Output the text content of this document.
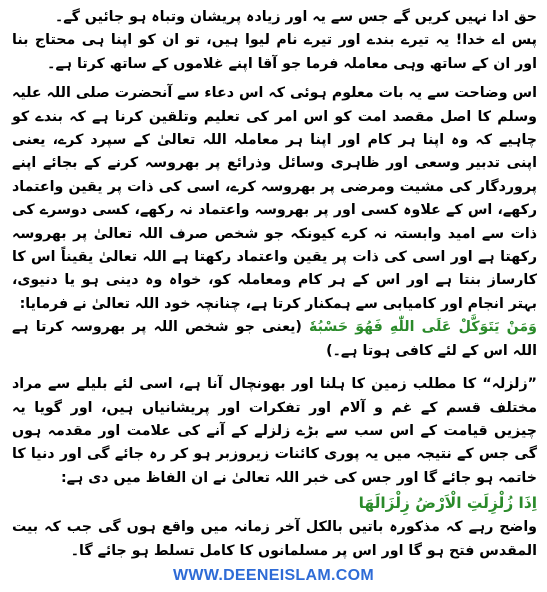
حق ادا نہیں کریں گے جس سے یہ اور زیادہ پریشان وتباہ ہو جائیں گے۔

پس اے خدا! یہ تیرے بندے اور تیرے نام لیوا ہیں، تو ان کو اپنا ہی محتاج بنا اور ان کے ساتھ وہی معاملہ فرما جو آقا اپنے غلاموں کے ساتھ کرتا ہے۔

اس وضاحت سے یہ بات معلوم ہوئی کہ اس دعاء سے آنحضرت صلی اللہ علیہ وسلم کا اصل مقصد امت کو اس امر کی تعلیم وتلقین کرنا ہے کہ بندے کو چاہیے کہ وہ اپنا ہر کام اور اپنا ہر معاملہ اللہ تعالیٰ کے سپرد کرے، یعنی اپنی تدبیر وسعی اور ظاہری وسائل وذرائع پر بھروسہ کرنے کے بجائے اپنے پروردگار کی مشیت ومرضی پر بھروسہ کرے، اسی کی ذات پر یقین واعتماد رکھے، اس کے علاوہ کسی اور پر بھروسہ واعتماد نہ رکھے، کسی دوسرے کی ذات سے امید وابستہ نہ کرے کیونکہ جو شخص صرف اللہ تعالیٰ پر بھروسہ رکھتا ہے اور اسی کی ذات پر یقین واعتماد رکھتا ہے اللہ تعالیٰ یقیناً اس کا کارساز بنتا ہے اور اس کے ہر کام ومعاملہ کو، خواہ وہ دینی ہو یا دنیوی، بہتر انجام اور کامیابی سے ہمکنار کرتا ہے، چنانچہ خود اللہ تعالیٰ نے فرمایا:

وَمَنْ يَتَوَكَّلْ عَلَى اللّٰهِ فَهُوَ حَسْبُهٗ (یعنی جو شخص اللہ پر بھروسہ کرتا ہے اللہ اس کے لئے کافی ہوتا ہے۔)

”زلزلہ“ کا مطلب زمین کا ہلنا اور بھونچال آنا ہے، اسی لئے بلیلے سے مراد مختلف قسم کے غم و آلام اور تفکرات اور پریشانیاں ہیں، اور گویا یہ چیزیں قیامت کے اس سب سے بڑے زلزلے کے آنے کی علامت اور مقدمہ ہوں گی جس کے نتیجہ میں یہ پوری کائنات زیروزبر ہو کر رہ جائے گی اور دنیا کا خاتمہ ہو جائے گا اور جس کی خبر اللہ تعالیٰ نے ان الفاظ میں دی ہے:

اِذَا زُلْزِلَتِ الْاَرْضُ زِلْزَالَهَا

واضح رہے کہ مذکورہ باتیں بالکل آخر زمانہ میں واقع ہوں گی جب کہ بیت المقدس فتح ہو گا اور اس پر مسلمانوں کا کامل تسلط ہو جائے گا۔

WWW.DEENEISLAM.COM
